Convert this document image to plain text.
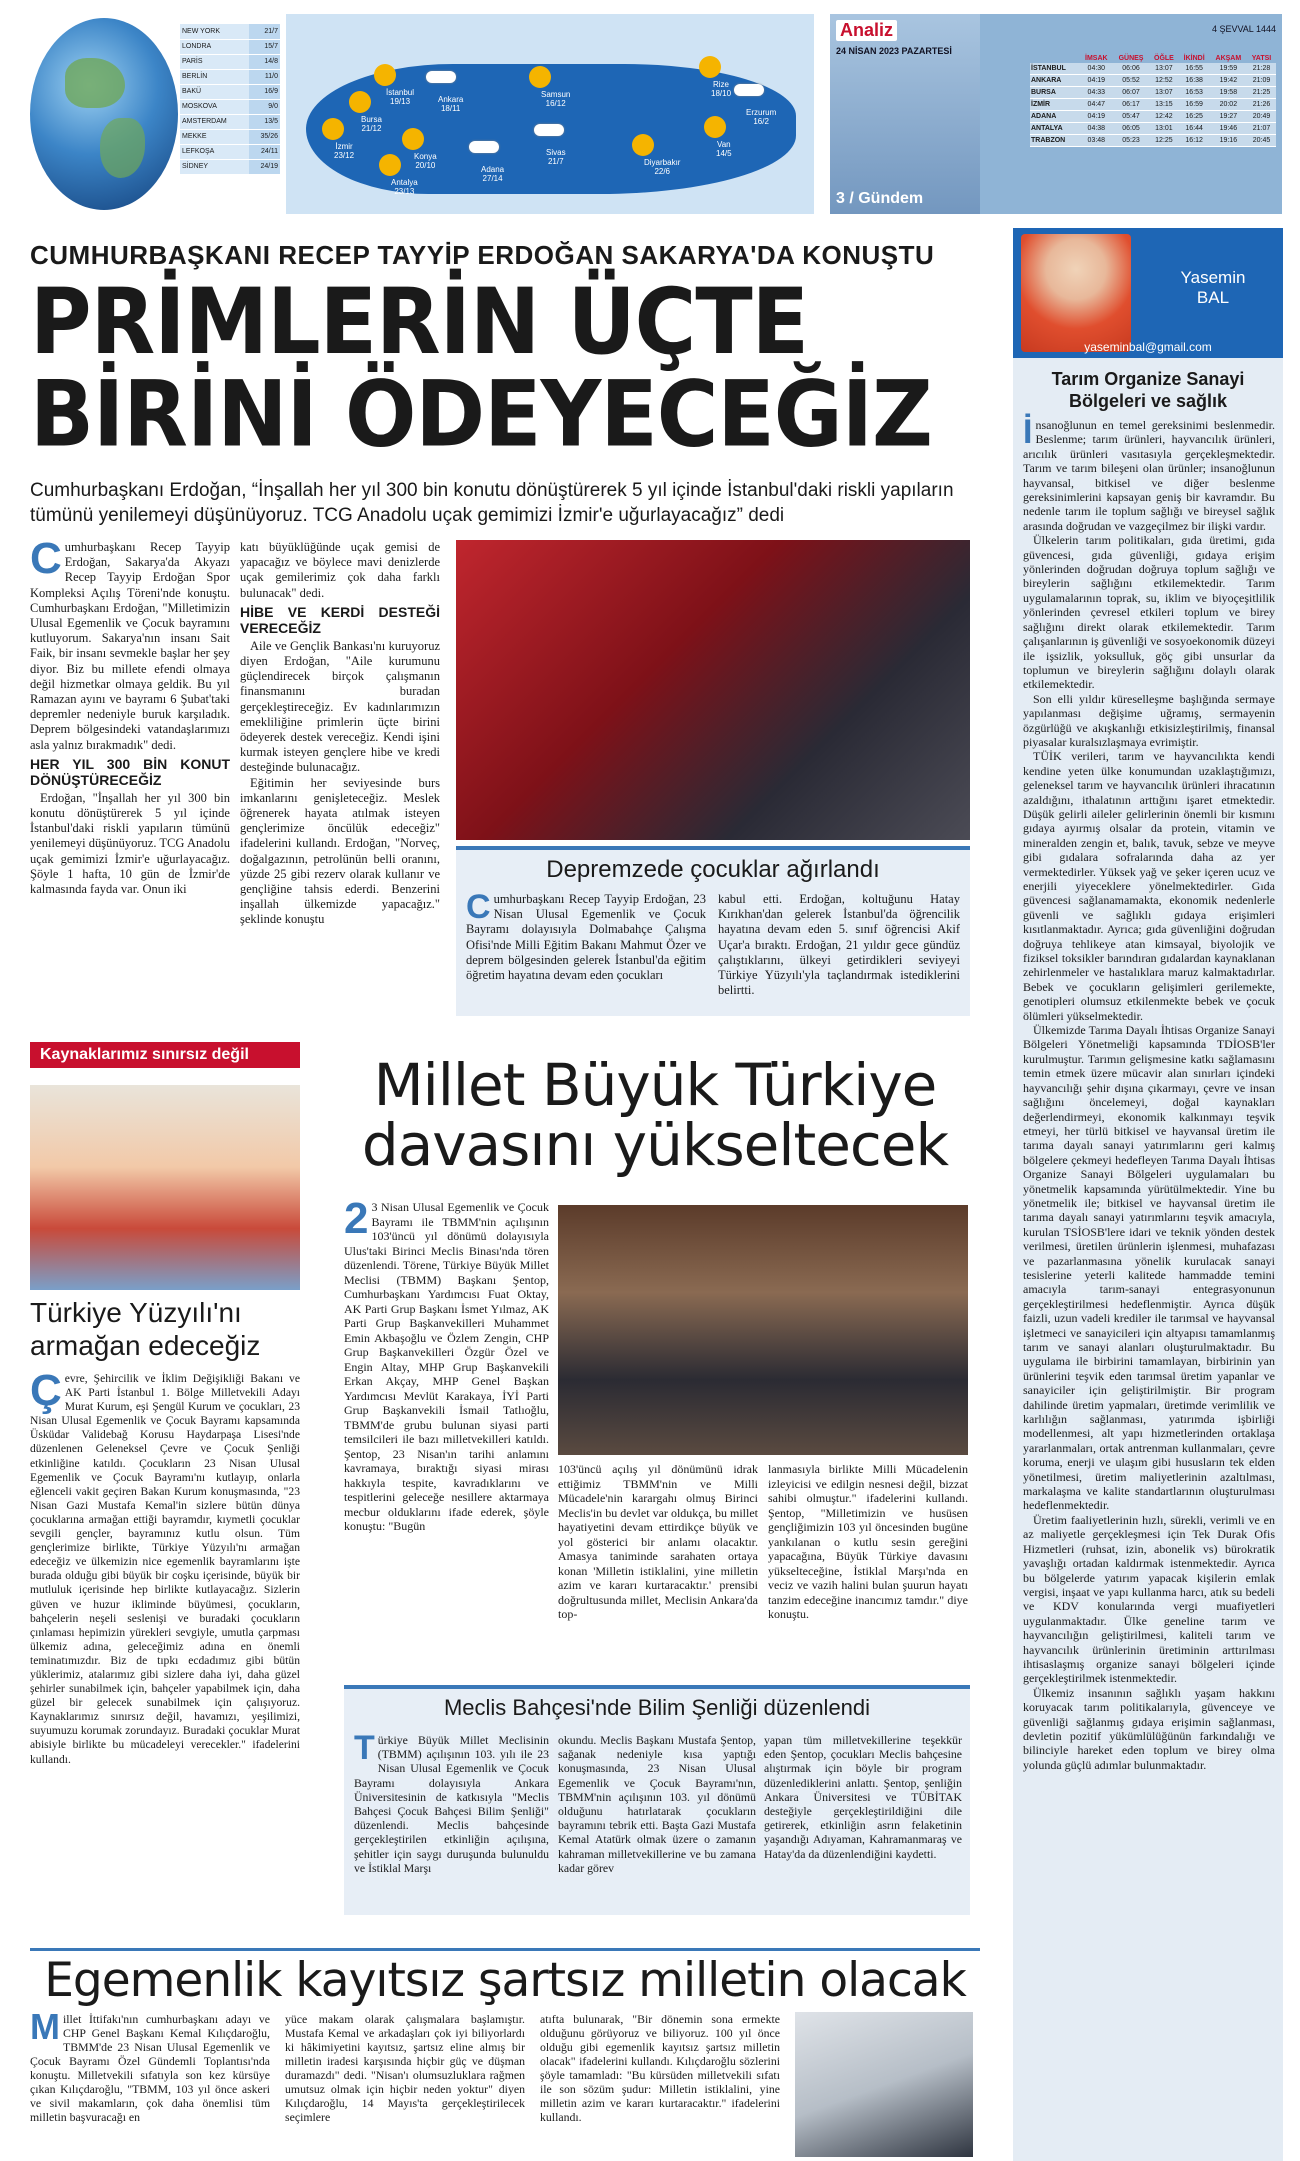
NEW YORK	21/7
LONDRA	15/7
PARİS	14/8
BERLİN	11/0
BAKÜ	16/9
MOSKOVA	9/0
AMSTERDAM	13/5
MEKKE	35/26
LEFKOŞA	24/11
SİDNEY	24/19
İstanbul
19/13
Bursa
21/12
Ankara
18/11
Samsun
16/12
Rize
18/10
Erzurum
16/2
İzmir
23/12	Konya
20/10
Sivas
21/7	Diyarbakır
22/6
Van
14/5
Adana
27/14
Antalya
23/13
Analiz
24 NİSAN 2023 PAZARTESİ
4 ŞEVVAL 1444
3 / Gündem
	İMSAK	GÜNEŞ	ÖĞLE	İKİNDİ	AKŞAM	YATSI
İSTANBUL	04:30	06:06	13:07	16:55	19:59	21:28
ANKARA	04:19	05:52	12:52	16:38	19:42	21:09
BURSA	04:33	06:07	13:07	16:53	19:58	21:25
İZMİR	04:47	06:17	13:15	16:59	20:02	21:26
ADANA	04:19	05:47	12:42	16:25	19:27	20:49
ANTALYA	04:38	06:05	13:01	16:44	19:46	21:07
TRABZON	03:48	05:23	12:25	16:12	19:16	20:45
CUMHURBAŞKANI RECEP TAYYİP ERDOĞAN SAKARYA'DA KONUŞTU
PRİMLERİN ÜÇTE
BİRİNİ ÖDEYECEĞİZ
Cumhurbaşkanı Erdoğan, “İnşallah her yıl 300 bin konutu dönüştürerek 5 yıl içinde İstanbul'daki riskli yapıların tümünü yenilemeyi düşünüyoruz. TCG Anadolu uçak gemimizi İzmir'e uğurlayacağız” dedi
C umhurbaşkanı Recep Tayyip Erdoğan, Sakarya'da Akyazı Recep Tayyip Erdoğan Spor Kompleksi Açılış Töreni'nde konuştu. Cumhurbaşkanı Erdoğan, "Milletimizin Ulusal Egemenlik ve Çocuk bayramını kutluyorum. Sakarya'nın insanı Sait Faik, bir insanı sevmekle başlar her şey diyor. Biz bu millete efendi olmaya değil hizmetkar olmaya geldik. Bu yıl Ramazan ayını ve bayramı 6 Şubat'taki depremler nedeniyle buruk karşıladık. Deprem bölgesindeki vatandaşlarımızı asla yalnız bırakmadık" dedi.
HER YIL 300 BİN KONUT DÖNÜŞTÜRECEĞİZ
Erdoğan, "İnşallah her yıl 300 bin konutu dönüştürerek 5 yıl içinde İstanbul'daki riskli yapıların tümünü yenilemeyi düşünüyoruz. TCG Anadolu uçak gemimizi İzmir'e uğurlayacağız. Şöyle 1 hafta, 10 gün de İzmir'de kalmasında fayda var. Onun iki
katı büyüklüğünde uçak gemisi de yapacağız ve böylece mavi denizlerde uçak gemilerimiz çok daha farklı bulunacak" dedi.
HİBE VE KERDİ DESTEĞİ VERECEĞİZ
Aile ve Gençlik Bankası'nı kuruyoruz diyen Erdoğan, "Aile kurumunu güçlendirecek birçok çalışmanın finansmanını buradan gerçekleştireceğiz. Ev kadınlarımızın emekliliğine primlerin üçte birini ödeyerek destek vereceğiz. Kendi işini kurmak isteyen gençlere hibe ve kredi desteğinde bulunacağız.
Eğitimin her seviyesinde burs imkanlarını genişleteceğiz. Meslek öğrenerek hayata atılmak isteyen gençlerimize öncülük edeceğiz" ifadelerini kullandı. Erdoğan, "Norveç, doğalgazının, petrolünün belli oranını, yüzde 25 gibi rezerv olarak kullanır ve gençliğine tahsis ederdi. Benzerini inşallah ülkemizde yapacağız." şeklinde konuştu
Depremzede çocuklar ağırlandı
C umhurbaşkanı Recep Tayyip Erdoğan, 23 Nisan Ulusal Egemenlik ve Çocuk Bayramı dolayısıyla Dolmabahçe Çalışma Ofisi'nde Milli Eğitim Bakanı Mahmut Özer ve deprem bölgesinden gelerek İstanbul'da eğitim öğretim hayatına devam eden çocukları
kabul etti. Erdoğan, koltuğunu Hatay Kırıkhan'dan gelerek İstanbul'da öğrencilik hayatına devam eden 5. sınıf öğrencisi Akif Uçar'a bıraktı. Erdoğan, 21 yıldır gece gündüz çalıştıklarını, ülkeyi getirdikleri seviyeyi Türkiye Yüzyılı'yla taçlandırmak istediklerini belirtti.
Kaynaklarımız sınırsız değil
Türkiye Yüzyılı'nı armağan edeceğiz
Ç evre, Şehircilik ve İklim Değişikliği Bakanı ve AK Parti İstanbul 1. Bölge Milletvekili Adayı Murat Kurum, eşi Şengül Kurum ve çocukları, 23 Nisan Ulusal Egemenlik ve Çocuk Bayramı kapsamında Üsküdar Validebağ Korusu Haydarpaşa Lisesi'nde düzenlenen Geleneksel Çevre ve Çocuk Şenliği etkinliğine katıldı. Çocukların 23 Nisan Ulusal Egemenlik ve Çocuk Bayramı'nı kutlayıp, onlarla eğlenceli vakit geçiren Bakan Kurum konuşmasında, "23 Nisan Gazi Mustafa Kemal'in sizlere bütün dünya çocuklarına armağan ettiği bayramdır, kıymetli çocuklar sevgili gençler, bayramınız kutlu olsun. Tüm gençlerimize birlikte, Türkiye Yüzyılı'nı armağan edeceğiz ve ülkemizin nice egemenlik bayramlarını işte burada olduğu gibi büyük bir coşku içerisinde, büyük bir mutluluk içerisinde hep birlikte kutlayacağız. Sizlerin güven ve huzur ikliminde büyümesi, çocukların, bahçelerin neşeli seslenişi ve buradaki çocukların çınlaması hepimizin yürekleri sevgiyle, umutla çarpması ülkemiz adına, geleceğimiz adına en önemli teminatımızdır. Biz de tıpkı ecdadımız gibi bütün yüklerimiz, atalarımız gibi sizlere daha iyi, daha güzel şehirler sunabilmek için, bahçeler yapabilmek için, daha güzel bir gelecek sunabilmek için çalışıyoruz. Kaynaklarımız sınırsız değil, havamızı, yeşilimizi, suyumuzu korumak zorundayız. Buradaki çocuklar Murat abisiyle birlikte bu mücadeleyi verecekler." ifadelerini kullandı.
Millet Büyük Türkiye
davasını yükseltecek
2 3 Nisan Ulusal Egemenlik ve Çocuk Bayramı ile TBMM'nin açılışının 103'üncü yıl dönümü dolayısıyla Ulus'taki Birinci Meclis Binası'nda tören düzenlendi. Törene, Türkiye Büyük Millet Meclisi (TBMM) Başkanı Şentop, Cumhurbaşkanı Yardımcısı Fuat Oktay, AK Parti Grup Başkanı İsmet Yılmaz, AK Parti Grup Başkanvekilleri Muhammet Emin Akbaşoğlu ve Özlem Zengin, CHP Grup Başkanvekilleri Özgür Özel ve Engin Altay, MHP Grup Başkanvekili Erkan Akçay, MHP Genel Başkan Yardımcısı Mevlüt Karakaya, İYİ Parti Grup Başkanvekili İsmail Tatlıoğlu, TBMM'de grubu bulunan siyasi parti temsilcileri ile bazı milletvekilleri katıldı. Şentop, 23 Nisan'ın tarihi anlamını kavramaya, bıraktığı siyasi mirası hakkıyla tespite, kavradıklarını ve tespitlerini geleceğe nesillere aktarmaya mecbur olduklarını ifade ederek, şöyle konuştu: "Bugün
103'üncü açılış yıl dönümünü idrak ettiğimiz TBMM'nin ve Milli Mücadele'nin karargahı olmuş Birinci Meclis'in bu devlet var oldukça, bu millet hayatiyetini devam ettirdikçe büyük ve yol gösterici bir anlamı olacaktır. Amasya taniminde sarahaten ortaya konan 'Milletin istiklalini, yine milletin azim ve kararı kurtaracaktır.' prensibi doğrultusunda millet, Meclisin Ankara'da top-
lanmasıyla birlikte Milli Mücadelenin izleyicisi ve edilgin nesnesi değil, bizzat sahibi olmuştur." ifadelerini kullandı. Şentop, "Milletimizin ve husüsen gençliğimizin 103 yıl öncesinden bugüne yankılanan o kutlu sesin gereğini yapacağına, Büyük Türkiye davasını yükselteceğine, İstiklal Marşı'nda en veciz ve vazih halini bulan şuurun hayatı tanzim edeceğine inancımız tamdır." diye konuştu.
Meclis Bahçesi'nde Bilim Şenliği düzenlendi
T ürkiye Büyük Millet Meclisinin (TBMM) açılışının 103. yılı ile 23 Nisan Ulusal Egemenlik ve Çocuk Bayramı dolayısıyla Ankara Üniversitesinin de katkısıyla "Meclis Bahçesi Çocuk Bahçesi Bilim Şenliği" düzenlendi. Meclis bahçesinde gerçekleştirilen etkinliğin açılışına, şehitler için saygı duruşunda bulunuldu ve İstiklal Marşı
okundu. Meclis Başkanı Mustafa Şentop, sağanak nedeniyle kısa yaptığı konuşmasında, 23 Nisan Ulusal Egemenlik ve Çocuk Bayramı'nın, TBMM'nin açılışının 103. yıl dönümü olduğunu hatırlatarak çocukların bayramını tebrik etti. Başta Gazi Mustafa Kemal Atatürk olmak üzere o zamanın kahraman milletvekillerine ve bu zamana kadar görev
yapan tüm milletvekillerine teşekkür eden Şentop, çocukları Meclis bahçesine alıştırmak için böyle bir program düzenlediklerini anlattı. Şentop, şenliğin Ankara Üniversitesi ve TÜBİTAK desteğiyle gerçekleştirildiğini dile getirerek, etkinliğin asrın felaketinin yaşandığı Adıyaman, Kahramanmaraş ve Hatay'da da düzenlendiğini kaydetti.
Egemenlik kayıtsız şartsız milletin olacak
M illet İttifakı'nın cumhurbaşkanı adayı ve CHP Genel Başkanı Kemal Kılıçdaroğlu, TBMM'de 23 Nisan Ulusal Egemenlik ve Çocuk Bayramı Özel Gündemli Toplantısı'nda konuştu. Milletvekili sıfatıyla son kez kürsüye çıkan Kılıçdaroğlu, "TBMM, 103 yıl önce askeri ve sivil makamların, çok daha önemlisi tüm milletin başvuracağı en
yüce makam olarak çalışmalara başlamıştır. Mustafa Kemal ve arkadaşları çok iyi biliyorlardı ki hâkimiyetini kayıtsız, şartsız eline almış bir milletin iradesi karşısında hiçbir güç ve düşman duramazdı" dedi. "Nisan'ı olumsuzluklara rağmen umutsuz olmak için hiçbir neden yoktur" diyen Kılıçdaroğlu, 14 Mayıs'ta gerçekleştirilecek seçimlere
atıfta bulunarak, "Bir dönemin sona ermekte olduğunu görüyoruz ve biliyoruz. 100 yıl önce olduğu gibi egemenlik kayıtsız şartsız milletin olacak" ifadelerini kullandı. Kılıçdaroğlu sözlerini şöyle tamamladı: "Bu kürsüden milletvekili sıfatı ile son sözüm şudur: Milletin istiklalini, yine milletin azim ve kararı kurtaracaktır." ifadelerini kullandı.
Yasemin
BAL
yaseminbal@gmail.com
Tarım Organize Sanayi Bölgeleri ve sağlık

İnsanoğlunun en temel gereksinimi beslenmedir. Beslenme; tarım ürünleri, hayvancılık ürünleri, arıcılık ürünleri vasıtasıyla gerçekleşmektedir. Tarım ve tarım bileşeni olan ürünler; insanoğlunun hayvansal, bitkisel ve diğer beslenme gereksinimlerini kapsayan geniş bir kavramdır. Bu nedenle tarım ile toplum sağlığı ve bireysel sağlık arasında doğrudan ve vazgeçilmez bir ilişki vardır.

Ülkelerin tarım politikaları, gıda üretimi, gıda güvencesi, gıda güvenliği, gıdaya erişim yönlerinden doğrudan doğruya toplum sağlığı ve bireylerin sağlığını etkilemektedir. Tarım uygulamalarının toprak, su, iklim ve biyoçeşitlilik yönlerinden çevresel etkileri toplum ve birey sağlığını direkt olarak etkilemektedir. Tarım çalışanlarının iş güvenliği ve sosyoekonomik düzeyi ile işsizlik, yoksulluk, göç gibi unsurlar da toplumun ve bireylerin sağlığını dolaylı olarak etkilemektedir.

Son elli yıldır küreselleşme başlığında sermaye yapılanması değişime uğramış, sermayenin özgürlüğü ve akışkanlığı etkisizleştirilmiş, finansal piyasalar kuralsızlaşmaya evrimiştir.

TÜİK verileri, tarım ve hayvancılıkta kendi kendine yeten ülke konumundan uzaklaştığımızı, geleneksel tarım ve hayvancılık ürünleri ihracatının azaldığını, ithalatının arttığını işaret etmektedir. Düşük gelirli aileler gelirlerinin önemli bir kısmını gıdaya ayırmış olsalar da protein, vitamin ve mineralden zengin et, balık, tavuk, sebze ve meyve gibi gıdalara sofralarında daha az yer vermektedirler. Yüksek yağ ve şeker içeren ucuz ve enerjili yiyeceklere yönelmektedirler. Gıda güvencesi sağlanamamakta, ekonomik nedenlerle güvenli ve sağlıklı gıdaya erişimleri kısıtlanmaktadır. Ayrıca; gıda güvenliğini doğrudan doğruya tehlikeye atan kimsayal, biyolojik ve fiziksel toksikler barındıran gıdalardan kaynaklanan zehirlenmeler ve hastalıklara maruz kalmaktadırlar. Bebek ve çocukların gelişimleri gerilemekte, genotipleri olumsuz etkilenmekte bebek ve çocuk ölümleri yükselmektedir.

Ülkemizde Tarıma Dayalı İhtisas Organize Sanayi Bölgeleri Yönetmeliği kapsamında TDİOSB'ler kurulmuştur. Tarımın gelişmesine katkı sağlamasını temin etmek üzere mücavir alan sınırları içindeki hayvancılığı şehir dışına çıkarmayı, çevre ve insan sağlığını öncelemeyi, doğal kaynakları değerlendirmeyi, ekonomik kalkınmayı teşvik etmeyi, her türlü bitkisel ve hayvansal üretim ile tarıma dayalı sanayi yatırımlarını geri kalmış bölgelere çekmeyi hedefleyen Tarıma Dayalı İhtisas Organize Sanayi Bölgeleri uygulamaları bu yönetmelik kapsamında yürütülmektedir. Yine bu yönetmelik ile; bitkisel ve hayvansal üretim ile tarıma dayalı sanayi yatırımlarını teşvik amacıyla, kurulan TSİOSB'lere idari ve teknik yönden destek verilmesi, üretilen ürünlerin işlenmesi, muhafazası ve pazarlanmasına yönelik kurulacak sanayi tesislerine yeterli kalitede hammadde temini amacıyla tarım-sanayi entegrasyonunun gerçekleştirilmesi hedeflenmiştir. Ayrıca düşük faizli, uzun vadeli krediler ile tarımsal ve hayvansal işletmeci ve sanayicileri için altyapısı tamamlanmış tarım ve sanayi alanları oluşturulmaktadır. Bu uygulama ile birbirini tamamlayan, birbirinin yan ürünlerini teşvik eden tarımsal üretim yapanlar ve sanayiciler için geliştirilmiştir. Bir program dahilinde üretim yapmaları, üretimde verimlilik ve karlılığın sağlanması, yatırımda işbirliği modellenmesi, alt yapı hizmetlerinden ortaklaşa yararlanmaları, ortak antrenman kullanmaları, çevre koruma, enerji ve ulaşım gibi hususların tek elden yönetilmesi, üretim maliyetlerinin azaltılması, markalaşma ve kalite standartlarının oluşturulması hedeflenmektedir.

Üretim faaliyetlerinin hızlı, sürekli, verimli ve en az maliyetle gerçekleşmesi için Tek Durak Ofis Hizmetleri (ruhsat, izin, abonelik vs) bürokratik yavaşlığı ortadan kaldırmak istenmektedir. Ayrıca bu bölgelerde yatırım yapacak kişilerin emlak vergisi, inşaat ve yapı kullanma harcı, atık su bedeli ve KDV konularında vergi muafiyetleri uygulanmaktadır. Ülke geneline tarım ve hayvancılığın geliştirilmesi, kaliteli tarım ve hayvancılık ürünlerinin üretiminin arttırılması ihtisaslaşmış organize sanayi bölgeleri içinde gerçekleştirilmek istenmektedir.

Ülkemiz insanının sağlıklı yaşam hakkını koruyacak tarım politikalarıyla, güvenceye ve güvenliği sağlanmış gıdaya erişimin sağlanması, devletin pozitif yükümlülüğünün farkındalığı ve bilinciyle hareket eden toplum ve birey olma yolunda güçlü adımlar bulunmaktadır.
